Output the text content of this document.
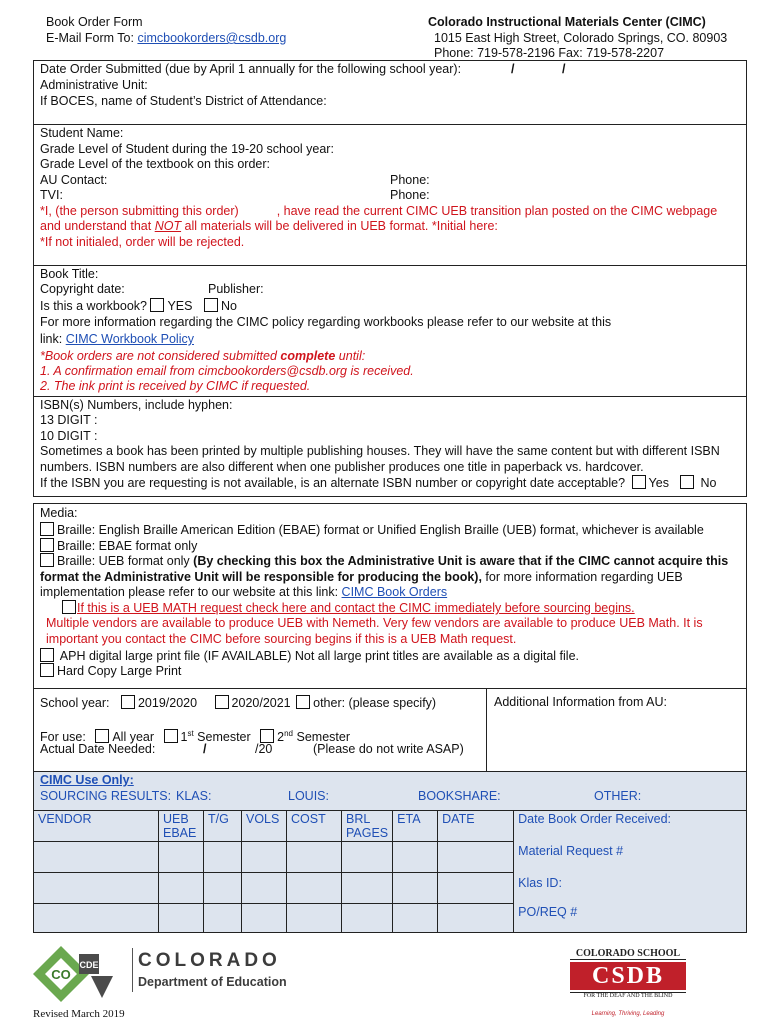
Book Order Form
E-Mail Form To: cimcbookorders@csdb.org
Colorado Instructional Materials Center (CIMC)
1015 East High Street, Colorado Springs, CO. 80903
Phone: 719-578-2196 Fax: 719-578-2207
Date Order Submitted (due by April 1 annually for the following school year):	/	/
Administrative Unit:
If BOCES, name of Student’s District of Attendance:
Student Name:
Grade Level of Student during the 19-20 school year:
Grade Level of the textbook on this order:
AU Contact:	Phone:
TVI:	Phone:
*I, (the person submitting this order)	, have read the current CIMC UEB transition plan posted on the CIMC webpage
and understand that NOT all materials will be delivered in UEB format. *Initial here:
*If not initialed, order will be rejected.
Book Title:
Copyright date:	Publisher:
Is this a workbook? YES No
For more information regarding the CIMC policy regarding workbooks please refer to our website at this
link: CIMC Workbook Policy
*Book orders are not considered submitted complete until:
1. A confirmation email from cimcbookorders@csdb.org is received.
2. The ink print is received by CIMC if requested.
ISBN(s) Numbers, include hyphen:
13 DIGIT :
10 DIGIT :
Sometimes a book has been printed by multiple publishing houses. They will have the same content but with different ISBN numbers. ISBN numbers are also different when one publisher produces one title in paperback vs. hardcover.
If the ISBN you are requesting is not available, is an alternate ISBN number or copyright date acceptable? Yes	No
Media:
Braille: English Braille American Edition (EBAE) format or Unified English Braille (UEB) format, whichever is available
Braille: EBAE format only
Braille: UEB format only (By checking this box the Administrative Unit is aware that if the CIMC cannot acquire this format the Administrative Unit will be responsible for producing the book), for more information regarding UEB implementation please refer to our website at this link: CIMC Book Orders
If this is a UEB MATH request check here and contact the CIMC immediately before sourcing begins.
Multiple vendors are available to produce UEB with Nemeth. Very few vendors are available to produce UEB Math. It is important you contact the CIMC before sourcing begins if this is a UEB Math request.
APH digital large print file (IF AVAILABLE) Not all large print titles are available as a digital file.
Hard Copy Large Print
School year: 2019/2020	2020/2021 other: (please specify)	Additional Information from AU:
For use: All year 1st Semester 2nd Semester
Actual Date Needed:	/	/20	(Please do not write ASAP)
CIMC Use Only:
SOURCING RESULTS: KLAS:	LOUIS:	BOOKSHARE:	OTHER:
VENDOR	UEB EBAE	T/G	VOLS	COST	BRL PAGES	ETA	DATE	Date Book Order Received:
								Material Request #
								Klas ID:
								PO/REQ #
CDE
CO
COLORADO
Department of Education
Revised March 2019
COLORADO SCHOOL
CSDB
FOR THE DEAF AND THE BLIND
Learning, Thriving, Leading
